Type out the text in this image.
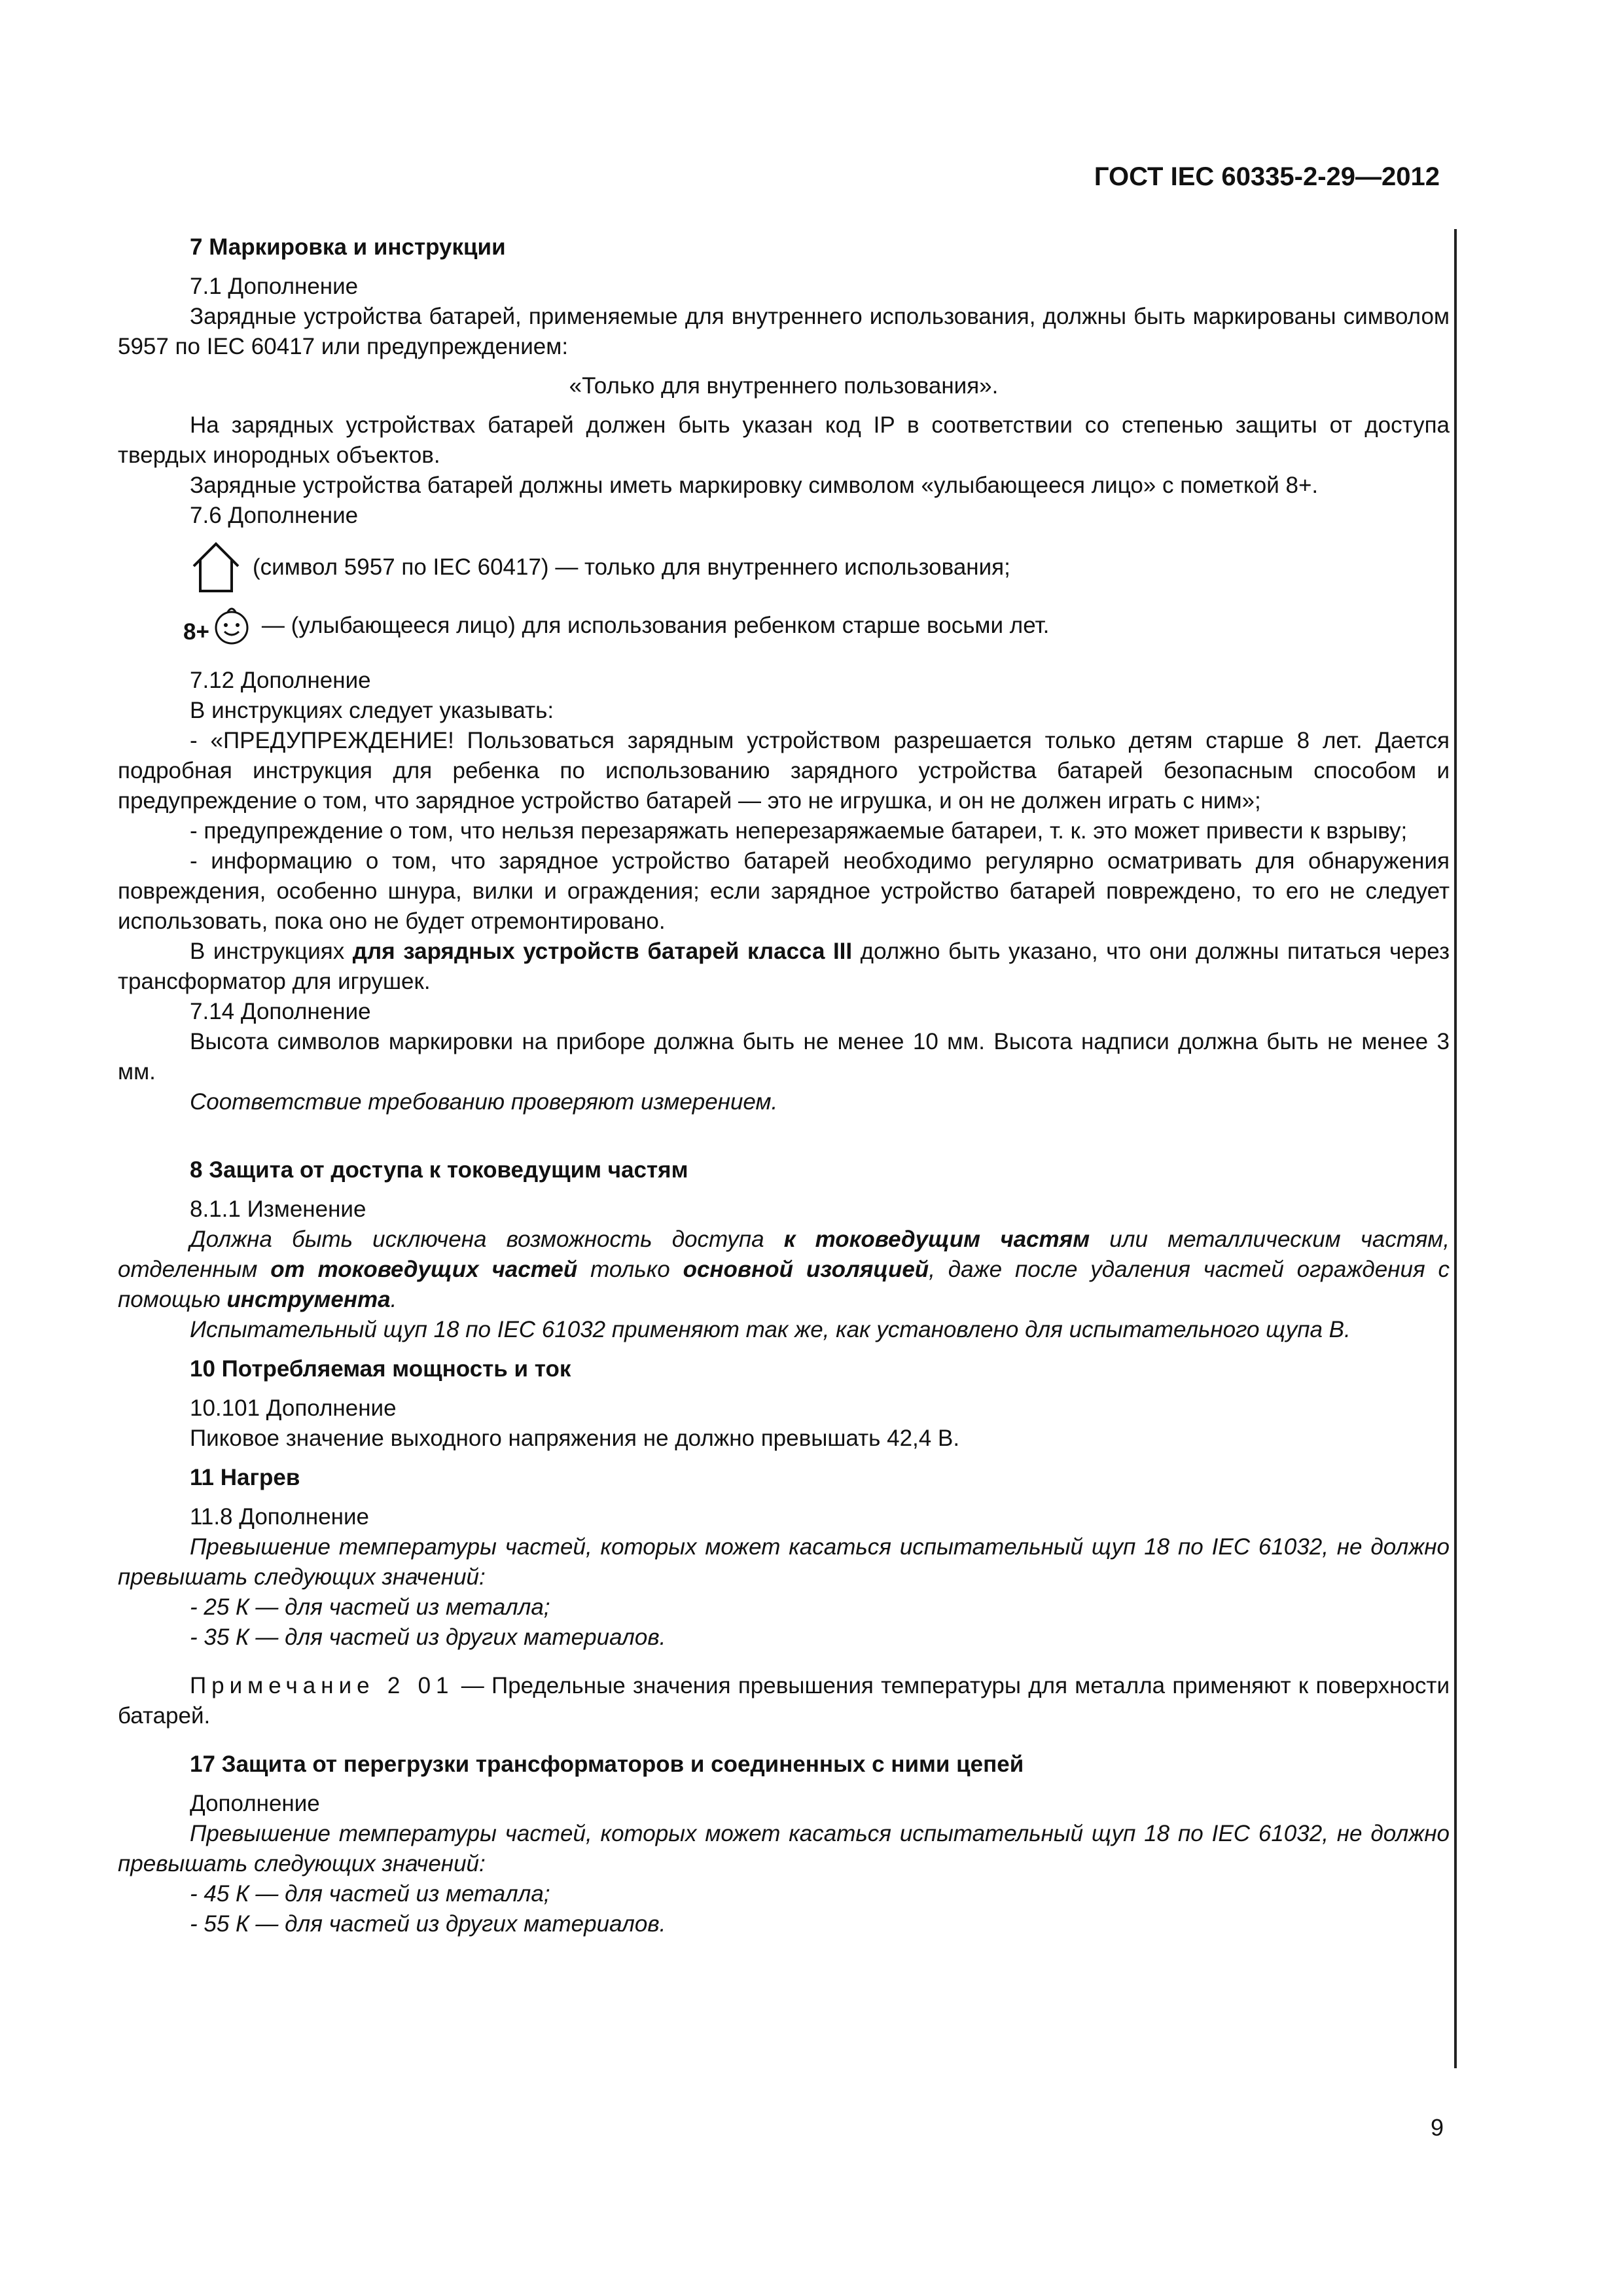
ГОСТ IEC 60335-2-29—2012

7 Маркировка и инструкции

7.1 Дополнение

Зарядные устройства батарей, применяемые для внутреннего использования, должны быть маркированы символом 5957 по IEC 60417 или предупреждением:

«Только для внутреннего пользования».

На зарядных устройствах батарей должен быть указан код IP в соответствии со степенью защиты от доступа твердых инородных объектов.

Зарядные устройства батарей должны иметь маркировку символом «улыбающееся лицо» с пометкой 8+.

7.6 Дополнение

(символ 5957 по IEC 60417) — только для внутреннего использования;
8+ — (улыбающееся лицо) для использования ребенком старше восьми лет.

7.12 Дополнение

В инструкциях следует указывать:

- «ПРЕДУПРЕЖДЕНИЕ! Пользоваться зарядным устройством разрешается только детям старше 8 лет. Дается подробная инструкция для ребенка по использованию зарядного устройства батарей безопасным способом и предупреждение о том, что зарядное устройство батарей — это не игрушка, и он не должен играть с ним»;

- предупреждение о том, что нельзя перезаряжать неперезаряжаемые батареи, т. к. это может привести к взрыву;

- информацию о том, что зарядное устройство батарей необходимо регулярно осматривать для обнаружения повреждения, особенно шнура, вилки и ограждения; если зарядное устройство батарей повреждено, то его не следует использовать, пока оно не будет отремонтировано.

В инструкциях для зарядных устройств батарей класса III должно быть указано, что они должны питаться через трансформатор для игрушек.

7.14 Дополнение

Высота символов маркировки на приборе должна быть не менее 10 мм. Высота надписи должна быть не менее 3 мм.

Соответствие требованию проверяют измерением.

8 Защита от доступа к токоведущим частям

8.1.1 Изменение

Должна быть исключена возможность доступа к токоведущим частям или металлическим частям, отделенным от токоведущих частей только основной изоляцией, даже после удаления частей ограждения с помощью инструмента.

Испытательный щуп 18 по IEC 61032 применяют так же, как установлено для испытательного щупа В.

10 Потребляемая мощность и ток

10.101 Дополнение

Пиковое значение выходного напряжения не должно превышать 42,4 В.

11 Нагрев

11.8 Дополнение

Превышение температуры частей, которых может касаться испытательный щуп 18 по IEC 61032, не должно превышать следующих значений:

- 25 К — для частей из металла;

- 35 К — для частей из других материалов.

Примечание 2 01 — Предельные значения превышения температуры для металла применяют к поверхности батарей.

17 Защита от перегрузки трансформаторов и соединенных с ними цепей

Дополнение

Превышение температуры частей, которых может касаться испытательный щуп 18 по IEC 61032, не должно превышать следующих значений:

- 45 К — для частей из металла;

- 55 К — для частей из других материалов.

9
